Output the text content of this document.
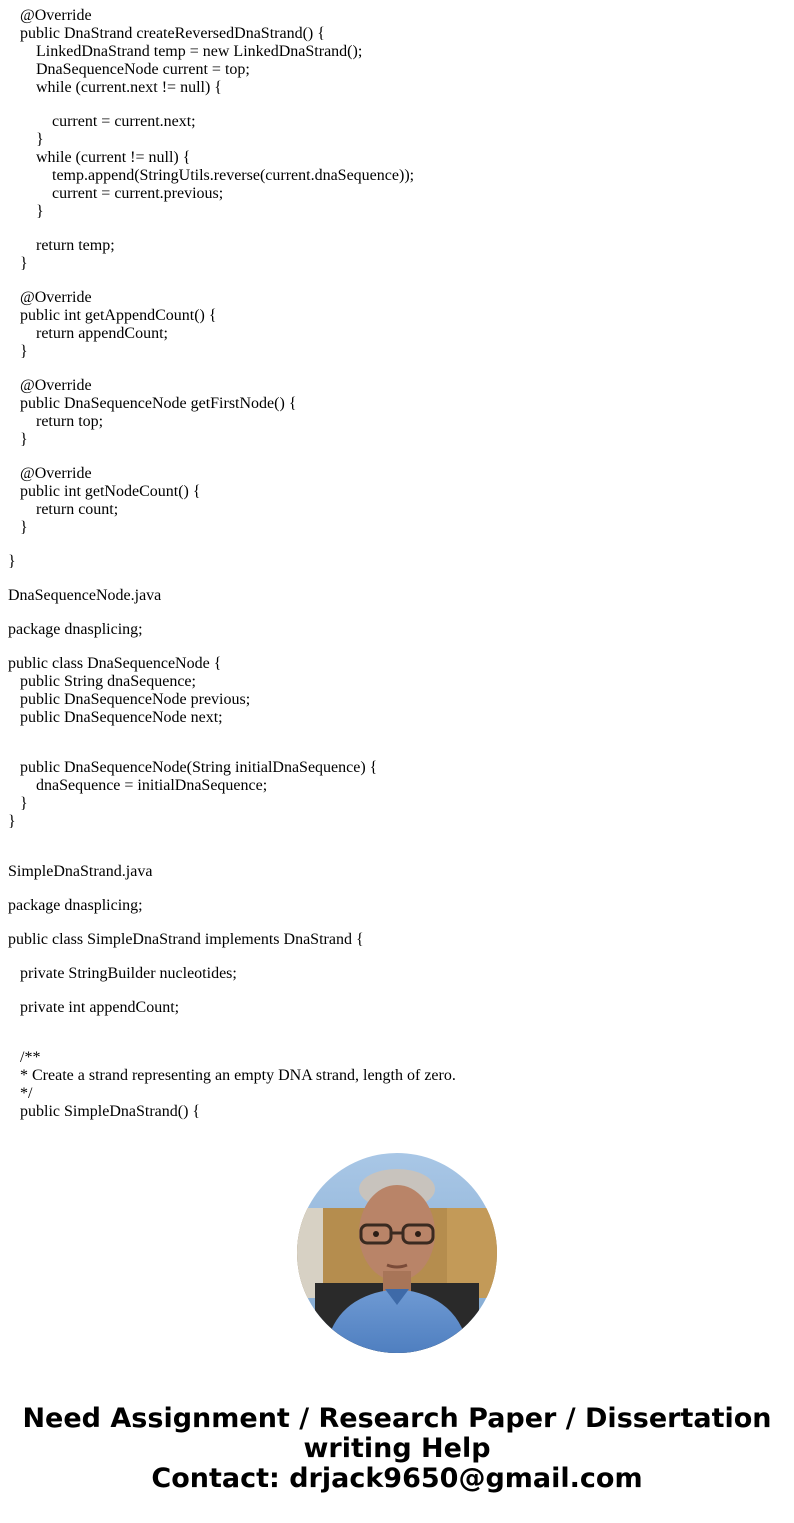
@Override
public DnaStrand createReversedDnaStrand() {
LinkedDnaStrand temp = new LinkedDnaStrand();
DnaSequenceNode current = top;
while (current.next != null) {
current = current.next;
}
while (current != null) {
temp.append(StringUtils.reverse(current.dnaSequence));
current = current.previous;
}
return temp;
}
@Override
public int getAppendCount() {
return appendCount;
}
@Override
public DnaSequenceNode getFirstNode() {
return top;
}
@Override
public int getNodeCount() {
return count;
}
}
DnaSequenceNode.java
package dnasplicing;
public class DnaSequenceNode {
public String dnaSequence;
public DnaSequenceNode previous;
public DnaSequenceNode next;
public DnaSequenceNode(String initialDnaSequence) {
dnaSequence = initialDnaSequence;
}
}
SimpleDnaStrand.java
package dnasplicing;
public class SimpleDnaStrand implements DnaStrand {
private StringBuilder nucleotides;
private int appendCount;
/**
* Create a strand representing an empty DNA strand, length of zero.
*/
public SimpleDnaStrand() {
Need Assignment / Research Paper / Dissertation
writing Help
Contact: drjack9650@gmail.com
